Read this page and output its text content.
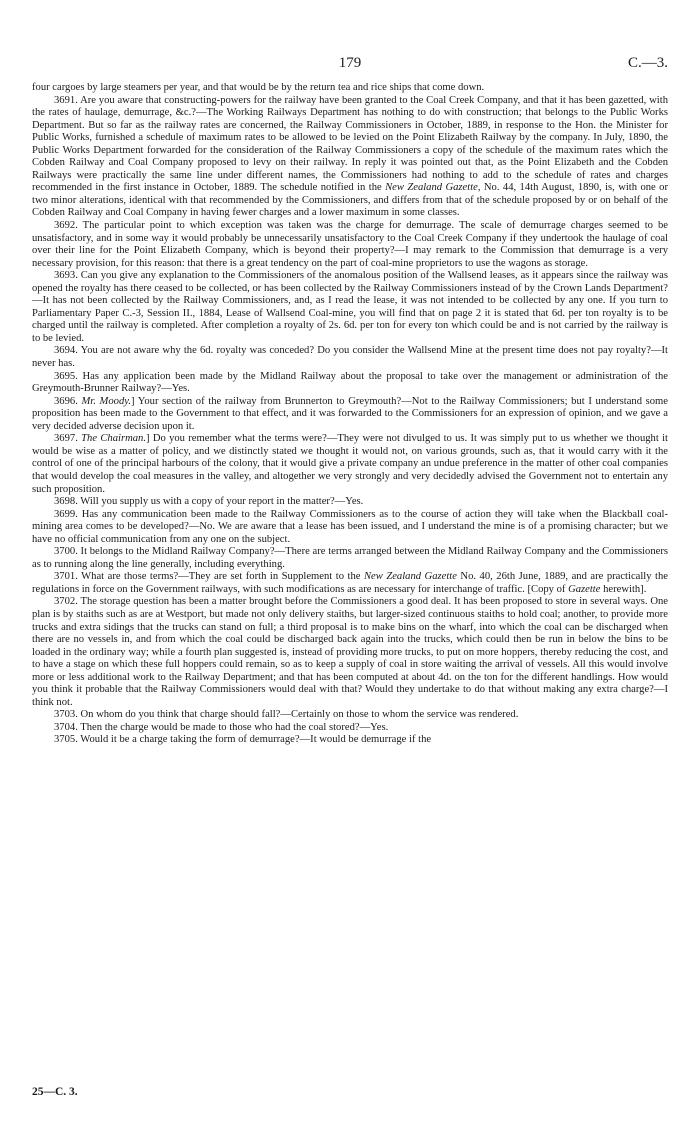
179	C.—3.

four cargoes by large steamers per year, and that would be by the return tea and rice ships that come down.

3691. Are you aware that constructing-powers for the railway have been granted to the Coal Creek Company, and that it has been gazetted, with the rates of haulage, demurrage, &c.?—The Working Railways Department has nothing to do with construction; that belongs to the Public Works Department. But so far as the railway rates are concerned, the Railway Commissioners in October, 1889, in response to the Hon. the Minister for Public Works, furnished a schedule of maximum rates to be allowed to be levied on the Point Elizabeth Railway by the company. In July, 1890, the Public Works Department forwarded for the consideration of the Railway Commissioners a copy of the schedule of the maximum rates which the Cobden Railway and Coal Company proposed to levy on their railway. In reply it was pointed out that, as the Point Elizabeth and the Cobden Railways were practically the same line under different names, the Commissioners had nothing to add to the schedule of rates and charges recommended in the first instance in October, 1889. The schedule notified in the New Zealand Gazette, No. 44, 14th August, 1890, is, with one or two minor alterations, identical with that recommended by the Commissioners, and differs from that of the schedule proposed by or on behalf of the Cobden Railway and Coal Company in having fewer charges and a lower maximum in some classes.

3692. The particular point to which exception was taken was the charge for demurrage. The scale of demurrage charges seemed to be unsatisfactory, and in some way it would probably be unnecessarily unsatisfactory to the Coal Creek Company if they undertook the haulage of coal over their line for the Point Elizabeth Company, which is beyond their property?—I may remark to the Commission that demurrage is a very necessary provision, for this reason: that there is a great tendency on the part of coal-mine proprietors to use the wagons as storage.

3693. Can you give any explanation to the Commissioners of the anomalous position of the Wallsend leases, as it appears since the railway was opened the royalty has there ceased to be collected, or has been collected by the Railway Commissioners instead of by the Crown Lands Department?—It has not been collected by the Railway Commissioners, and, as I read the lease, it was not intended to be collected by any one. If you turn to Parliamentary Paper C.-3, Session II., 1884, Lease of Wallsend Coal-mine, you will find that on page 2 it is stated that 6d. per ton royalty is to be charged until the railway is completed. After completion a royalty of 2s. 6d. per ton for every ton which could be and is not carried by the railway is to be levied.

3694. You are not aware why the 6d. royalty was conceded? Do you consider the Wallsend Mine at the present time does not pay royalty?—It never has.

3695. Has any application been made by the Midland Railway about the proposal to take over the management or administration of the Greymouth-Brunner Railway?—Yes.

3696. Mr. Moody.] Your section of the railway from Brunnerton to Greymouth?—Not to the Railway Commissioners; but I understand some proposition has been made to the Government to that effect, and it was forwarded to the Commissioners for an expression of opinion, and we gave a very decided adverse decision upon it.

3697. The Chairman.] Do you remember what the terms were?—They were not divulged to us. It was simply put to us whether we thought it would be wise as a matter of policy, and we distinctly stated we thought it would not, on various grounds, such as, that it would carry with it the control of one of the principal harbours of the colony, that it would give a private company an undue preference in the matter of other coal companies that would develop the coal measures in the valley, and altogether we very strongly and very decidedly advised the Government not to entertain any such proposition.

3698. Will you supply us with a copy of your report in the matter?—Yes.

3699. Has any communication been made to the Railway Commissioners as to the course of action they will take when the Blackball coal-mining area comes to be developed?—No. We are aware that a lease has been issued, and I understand the mine is of a promising character; but we have no official communication from any one on the subject.

3700. It belongs to the Midland Railway Company?—There are terms arranged between the Midland Railway Company and the Commissioners as to running along the line generally, including everything.

3701. What are those terms?—They are set forth in Supplement to the New Zealand Gazette No. 40, 26th June, 1889, and are practically the regulations in force on the Government railways, with such modifications as are necessary for interchange of traffic. [Copy of Gazette herewith].

3702. The storage question has been a matter brought before the Commissioners a good deal. It has been proposed to store in several ways. One plan is by staiths such as are at Westport, but made not only delivery staiths, but larger-sized continuous staiths to hold coal; another, to provide more trucks and extra sidings that the trucks can stand on full; a third proposal is to make bins on the wharf, into which the coal can be discharged when there are no vessels in, and from which the coal could be discharged back again into the trucks, which could then be run in below the bins to be loaded in the ordinary way; while a fourth plan suggested is, instead of providing more trucks, to put on more hoppers, thereby reducing the cost, and to have a stage on which these full hoppers could remain, so as to keep a supply of coal in store waiting the arrival of vessels. All this would involve more or less additional work to the Railway Department; and that has been computed at about 4d. on the ton for the different handlings. How would you think it probable that the Railway Commissioners would deal with that? Would they undertake to do that without making any extra charge?—I think not.

3703. On whom do you think that charge should fall?—Certainly on those to whom the service was rendered.

3704. Then the charge would be made to those who had the coal stored?—Yes.

3705. Would it be a charge taking the form of demurrage?—It would be demurrage if the

25—C. 3.
